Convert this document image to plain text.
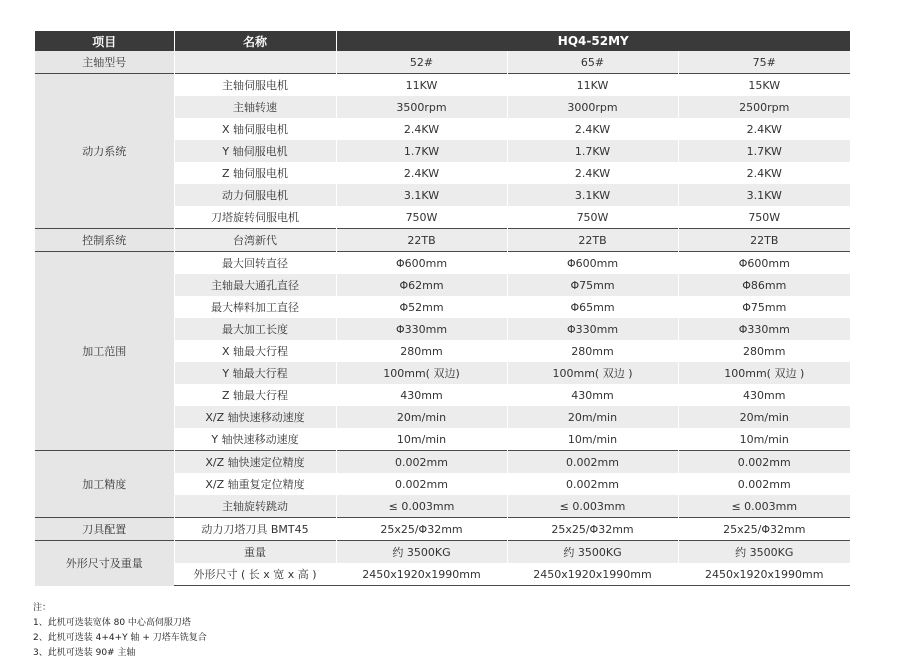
项目	名称	HQ4-52MY		
主轴型号		52#	65#	75#
动力系统	主轴伺服电机	11KW	11KW	15KW
	主轴转速	3500rpm	3000rpm	2500rpm
	X 轴伺服电机	2.4KW	2.4KW	2.4KW
	Y 轴伺服电机	1.7KW	1.7KW	1.7KW
	Z 轴伺服电机	2.4KW	2.4KW	2.4KW
	动力伺服电机	3.1KW	3.1KW	3.1KW
	刀塔旋转伺服电机	750W	750W	750W
控制系统	台湾新代	22TB	22TB	22TB
加工范围	最大回转直径	Φ600mm	Φ600mm	Φ600mm
	主轴最大通孔直径	Φ62mm	Φ75mm	Φ86mm
	最大棒料加工直径	Φ52mm	Φ65mm	Φ75mm
	最大加工长度	Φ330mm	Φ330mm	Φ330mm
	X 轴最大行程	280mm	280mm	280mm
	Y 轴最大行程	100mm( 双边)	100mm( 双边 )	100mm( 双边 )
	Z 轴最大行程	430mm	430mm	430mm
	X/Z 轴快速移动速度	20m/min	20m/min	20m/min
	Y 轴快速移动速度	10m/min	10m/min	10m/min
加工精度	X/Z 轴快速定位精度	0.002mm	0.002mm	0.002mm
	X/Z 轴重复定位精度	0.002mm	0.002mm	0.002mm
	主轴旋转跳动	≤ 0.003mm	≤ 0.003mm	≤ 0.003mm
刀具配置	动力刀塔刀具 BMT45	25x25/Φ32mm	25x25/Φ32mm	25x25/Φ32mm
外形尺寸及重量	重量	约 3500KG	约 3500KG	约 3500KG
	外形尺寸 ( 长 x 宽 x 高 )	2450x1920x1990mm	2450x1920x1990mm	2450x1920x1990mm
注：
1、此机可选装宽体 80 中心高伺服刀塔
2、此机可选装 4+4+Y 轴 + 刀塔车铣复合
3、此机可选装 90# 主轴
